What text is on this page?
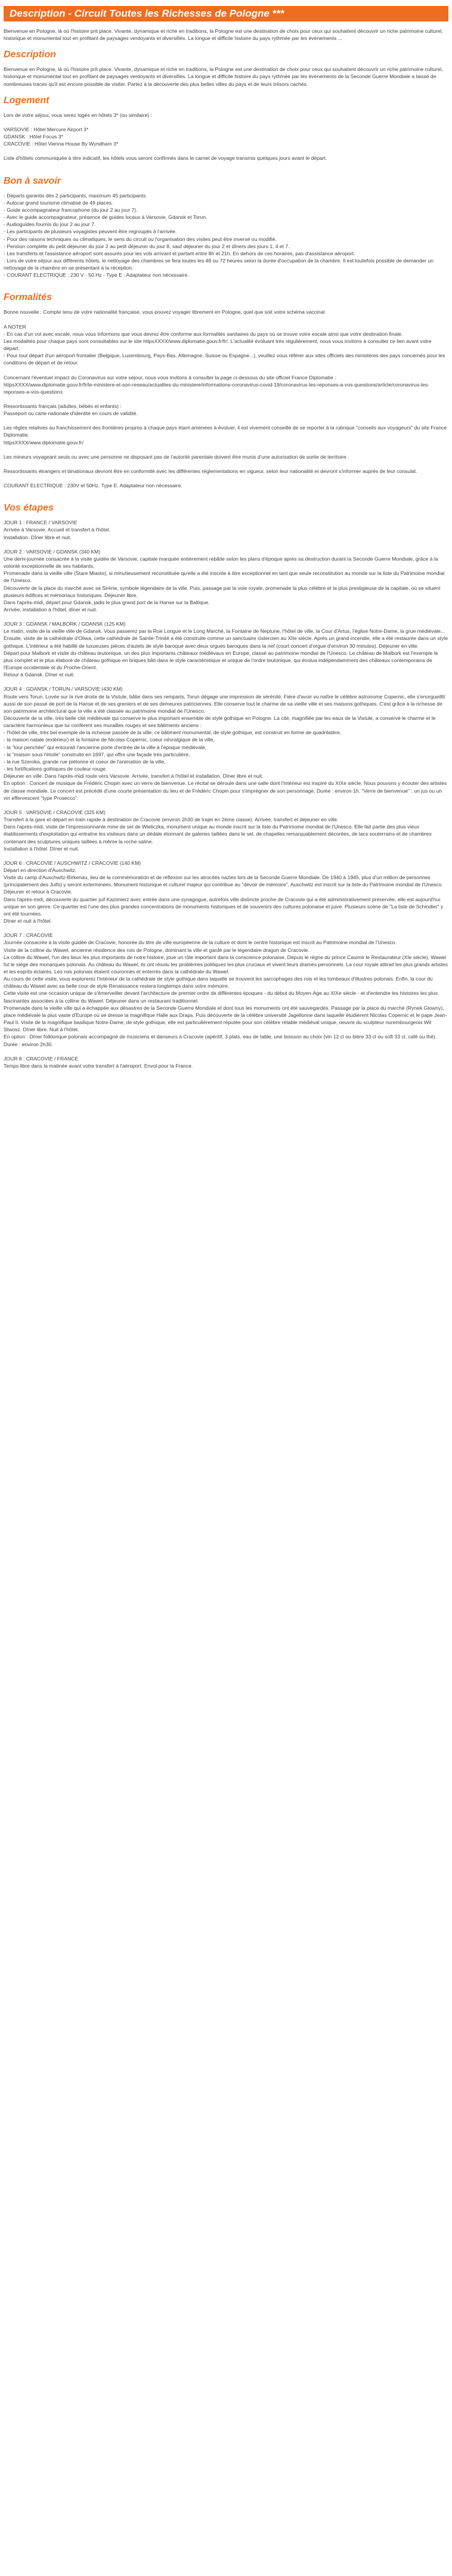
Description - Circuit Toutes les Richesses de Pologne ***

Bienvenue en Pologne, là où l'histoire prit place. Vivante, dynamique et riche en traditions, la Pologne est une destination de choix pour ceux qui souhaitent découvrir un riche patrimoine culturel, historique et monumental tout en profitant de paysages verdoyants et diversifiés. La longue et difficile histoire du pays rythmée par les événements ...

Description

Bienvenue en Pologne, là où l'histoire prit place. Vivante, dynamique et riche en traditions, la Pologne est une destination de choix pour ceux qui souhaitent découvrir un riche patrimoine culturel, historique et monumental tout en profitant de paysages verdoyants et diversifiés. La longue et difficile histoire du pays rythmée par les événements de la Seconde Guerre Mondiale a laissé de nombreuses traces qu'il est encore possible de visiter. Partez à la découverte des plus belles villes du pays et de leurs trésors cachés.

Logement

Lors de votre séjour, vous serez logés en hôtels 3* (ou similaire) :

VARSOVIE : Hôtel Mercure Airport 3*

GDANSK : Hôtel Focus 3*

CRACOVIE : Hôtel Vienna House By Wyndham 3*

Liste d'hôtels communiquée à titre indicatif, les hôtels vous seront confirmés dans le carnet de voyage transmis quelques jours avant le départ.

Bon à savoir

- Départs garantis dès 2 participants, maximum 45 participants.

- Autocar grand tourisme climatisé de 49 places.

- Guide accompagnateur francophone (du jour 2 au jour 7).

- Avec le guide accompagnateur, présence de guides locaux à Varsovie, Gdansk et Torun.

- Audioguides fournis du jour 2 au jour 7.

- Les participants de plusieurs voyagistes peuvent être regroupés à l'arrivée.

- Pour des raisons techniques ou climatiques, le sens du circuit ou l'organisation des visites peut être inversé ou modifié.

- Pension complète du petit déjeuner du jour 2 au petit déjeuner du jour 8, sauf déjeuner du jour 2 et dîners des jours 1, 4 et 7.

- Les transferts et l'assistance aéroport sont assurés pour les vols arrivant et partant entre 8h et 21h. En dehors de ces horaires, pas d'assistance aéroport.

- Lors de votre séjour aux différents hôtels, le nettoyage des chambres se fera toutes les 48 ou 72 heures selon la durée d'occupation de la chambre. Il est toutefois possible de demander un nettoyage de la chambre en se présentant à la réception.

- COURANT ELECTRIQUE : 230 V - 50 Hz - Type E : Adaptateur non nécessaire.

Formalités

Bonne nouvelle : Compte tenu de votre nationalité française, vous pouvez voyager librement en Pologne, quel que soit votre schéma vaccinal.

A NOTER

- En cas d'un vol avec escale, nous vous informons que vous devrez être conforme aux formalités sanitaires du pays où se trouve votre escale ainsi que votre destination finale.

Les modalités pour chaque pays sont consultables sur le site httpsXXXX/www.diplomatie.gouv.fr/fr/. L'actualité évoluant très régulièrement, nous vous invitons à consulter ce lien avant votre départ.

- Pour tout départ d'un aéroport frontalier (Belgique, Luxembourg, Pays-Bas, Allemagne, Suisse ou Espagne...), veuillez vous référer aux sites officiels des ministères des pays concernés pour les conditions de départ et de retour.

Concernant l'éventuel impact du Coronavirus sur votre séjour, nous vous invitons à consulter la page ci-dessous du site officiel France Diplomatie :

httpsXXXX/www.diplomatie.gouv.fr/fr/le-ministere-et-son-reseau/actualites-du-ministere/informations-coronavirus-covid-19/coronavirus-les-reponses-a-vos-questions/article/coronavirus-les-reponses-a-vos-questions

Ressortissants français (adultes, bébés et enfants) :

Passeport ou carte nationale d'identité en cours de validité.

Les règles relatives au franchissement des frontières propres à chaque pays étant amenées à évoluer, il est vivement conseillé de se reporter à la rubrique "conseils aux voyageurs" du site France Diplomatie.

httpsXXXX/www.diplomatie.gouv.fr/

Les mineurs voyageant seuls ou avec une personne ne disposant pas de l'autorité parentale doivent être munis d'une autorisation de sortie de territoire.

Ressortissants étrangers et binationaux devront être en conformité avec les différentes réglementations en vigueur, selon leur nationalité et devront s'informer auprès de leur consulat.

COURANT ELECTRIQUE : 230V et 50Hz. Type E. Adaptateur non nécessaire.

Vos étapes

JOUR 1 : FRANCE / VARSOVIE

Arrivée à Varsovie. Accueil et transfert à l'hôtel.

Installation. Dîner libre et nuit.

JOUR 2 : VARSOVIE / GDANSK (340 KM)

Une demi-journée consacrée à la visite guidée de Varsovie, capitale marquée entièrement rebâtie selon les plans d'époque après sa destruction durant la Seconde Guerre Mondiale, grâce à la volonté exceptionnelle de ses habitants.

Promenade dans la vieille ville (Stare Miasto), si minutieusement reconstituée qu'elle a été inscrite à titre exceptionnel en tant que seule reconstitution au monde sur la liste du Patrimoine mondial de l'Unesco.

Découverte de la place du marché avec sa Sirène, symbole légendaire de la ville. Puis, passage par la voie royale, promenade la plus célèbre et la plus prestigieuse de la capitale, où se situent plusieurs édifices et mémoriaux historiques. Déjeuner libre.

Dans l'après-midi, départ pour Gdansk, jadis le plus grand port de la Hanse sur la Baltique.

Arrivée, installation à l'hôtel, dîner et nuit.

JOUR 3 : GDANSK / MALBORK / GDANSK (125 KM)

Le matin, visite de la vieille ville de Gdansk. Vous passerez par la Rue Longue et le Long Marché, la Fontaine de Neptune, l'hôtel de ville, la Cour d'Artus, l'église Notre-Dame, la grue médiévale...

Ensuite, visite de la cathédrale d'Oliwa, cette cathédrale de Sainte-Trinité a été construite comme un sanctuaire cistercien au XIIe siècle. Après un grand incendie, elle a été restaurée dans un style gothique. L'intérieur a été habillé de luxueuses pièces d'autels de style baroque avec deux orgues baroques dans la nef (court concert d'orgue d'environ 30 minutes). Déjeuner en ville.

Départ pour Malbork et visite du château teutonique, un des plus importants châteaux médiévaux en Europe, classé au patrimoine mondial de l'Unesco. Le château de Malbork est l'exemple le plus complet et le plus élaboré de château gothique en briques bâti dans le style caractéristique et unique de l'ordre teutonique, qui évolua indépendamment des châteaux contemporains de l'Europe occidentale et du Proche-Orient.

Retour à Gdansk. Dîner et nuit.

JOUR 4 : GDANSK / TORUN / VARSOVIE (430 KM)

Route vers Torun. Lovée sur la rive droite de la Vistule, bâtie dans ses remparts, Torun dégage une impression de sérénité. Fière d'avoir vu naître le célèbre astronome Copernic, elle s'enorgueillit aussi de son passé de port de la Hanse et de ses greniers et de ses demeures patriciennes. Elle conserve tout le charme de sa vieille ville et ses maisons gothiques. C'est grâce à la richesse de son patrimoine architectural que la ville a été classée au patrimoine mondial de l'Unesco.

Découverte de la ville, très belle cité médiévale qui conserve le plus important ensemble de style gothique en Pologne. La cité, magnifiée par les eaux de la Vistule, a conservé le charme et le caractère harmonieux que lui confèrent ses murailles rouges et ses bâtiments anciens :

- l'hôtel de ville, très bel exemple de la richesse passée de la ville, ce bâtiment monumental, de style gothique, est construit en forme de quadrilatère,

- la maison natale (extérieur) et la fontaine de Nicolas Copernic, coeur névralgique de la ville,

- la "tour penchée" qui entourait l'ancienne porte d'entrée de la ville à l'époque médiévale,

- la "maison sous l'étoile" construite en 1697, qui offre une façade très particulière,

- la rue Szeroka, grande rue piétonne et coeur de l'animation de la ville,

- les fortifications gothiques de couleur rouge.

Déjeuner en ville. Dans l'après-midi route vers Varsovie. Arrivée, transfert à l'hôtel et installation. Dîner libre et nuit.

En option : Concert de musique de Frédéric Chopin avec un verre de bienvenue. Le récital se déroule dans une salle dont l'intérieur est inspiré du XIXe siècle. Nous pouvons y écouter des artistes de classe mondiale. Le concert est précédé d'une courte présentation du lieu et de Frédéric Chopin pour s'imprégner de son personnage. Durée : environ 1h. "Verre de bienvenue" : un jus ou un vin effervescent "type Prosecco".

JOUR 5 : VARSOVIE / CRACOVIE (325 KM)

Transfert à la gare et départ en train rapide à destination de Cracovie (environ 2h30 de trajet en 2ème classe). Arrivée, transfert et déjeuner en ville.

Dans l'après-midi, visite de l'impressionnante mine de sel de Wieliczka, monument unique au monde inscrit sur la liste du Patrimoine mondial de l'Unesco. Elle fait partie des plus vieux établissements d'exploitation qui entraîne les visiteurs dans un dédale étonnant de galeries taillées dans le sel, de chapelles remarquablement décorées, de lacs souterrains et de chambres contenant des sculptures uniques taillées à même la roche saline.

Installation à l'hôtel. Dîner et nuit.

JOUR 6 : CRACOVIE / AUSCHWITZ / CRACOVIE (140 KM)

Départ en direction d'Auschwitz.

Visite du camp d'Auschwitz-Birkenau, lieu de la commémoration et de réflexion sur les atrocités nazies lors de la Seconde Guerre Mondiale. De 1940 à 1945, plus d'un million de personnes (principalement des Juifs) y seront exterminées. Monument historique et culturel majeur qui contribue au "devoir de mémoire", Auschwitz est inscrit sur la liste du Patrimoine mondial de l'Unesco. Déjeuner et retour à Cracovie.

Dans l'après-midi, découverte du quartier juif Kazimierz avec entrée dans une synagogue, autrefois ville distincte proche de Cracovie qui a été administrativement préservée, elle est aujourd'hui unique en son genre. Ce quartier est l'une des plus grandes concentrations de monuments historiques et de souvenirs des cultures polonaise et juive. Plusieurs scène de "La liste de Schindler" y ont été tournées.

Dîner et nuit à l'hôtel.

JOUR 7 : CRACOVIE

Journée consacrée à la visite guidée de Cracovie, honorée du titre de ville européenne de la culture et dont le centre historique est inscrit au Patrimoine mondial de l'Unesco.

Visite de la colline du Wawel, ancienne résidence des rois de Pologne, dominant la ville et gardé par le légendaire dragon de Cracovie.

La colline du Wawel, l'un des lieux les plus importants de notre histoire, joue un rôle important dans la conscience polonaise. Depuis le règne du prince Casimir le Restaurateur (XIe siècle), Wawel fut le siège des monarques polonais. Au château du Wawel, ils ont résolu les problèmes politiques les plus cruciaux et vivent leurs drames personnels. La cour royale attirait les plus grands artistes et les esprits éclairés. Les rois polonais étaient couronnés et enterrés dans la cathédrale du Wawel.

Au cours de cette visite, vous explorerez l'intérieur de la cathédrale de style gothique dans laquelle se trouvent les sarcophages des rois et les tombeaux d'illustres polonais. Enfin, la cour du château du Wawel avec sa belle cour de style Renaissance restera longtemps dans votre mémoire.

Cette visite est une occasion unique de s'émerveiller devant l'architecture de premier ordre de différentes époques - du début du Moyen-Age au XIXe siècle - et d'entendre les histoires les plus fascinantes associées à la colline du Wawel. Déjeuner dans un restaurant traditionnel.

Promenade dans la vieille ville qui a échappée aux désastres de la Seconde Guerre Mondiale et dont tous les monuments ont été sauvegardés. Passage par la place du marché (Rynek Glowny), place médiévale la plus vaste d'Europe où se dresse la magnifique Halle aux Draps. Puis découverte de la célèbre université Jagellonne dans laquelle étudièrent Nicolas Copernic et le pape Jean-Paul II. Visite de la magnifique basilique Notre-Dame, de style gothique, elle est particulièrement réputée pour son célèbre rétable médiéval unique, oeuvre du sculpteur nurembourgeois Wit Stwosz. Dîner libre. Nuit à l'hôtel.

En option : Dîner folklorique polonais accompagné de musiciens et danseurs à Cracovie (apéritif, 3 plats, eau de table, une boisson au choix (vin 12 cl ou bière 33 cl ou soft 33 cl, café ou thé). Durée : environ 2h30.

JOUR 8 : CRACOVIE / FRANCE

Temps libre dans la matinée avant votre transfert à l'aéroport. Envol pour la France.
